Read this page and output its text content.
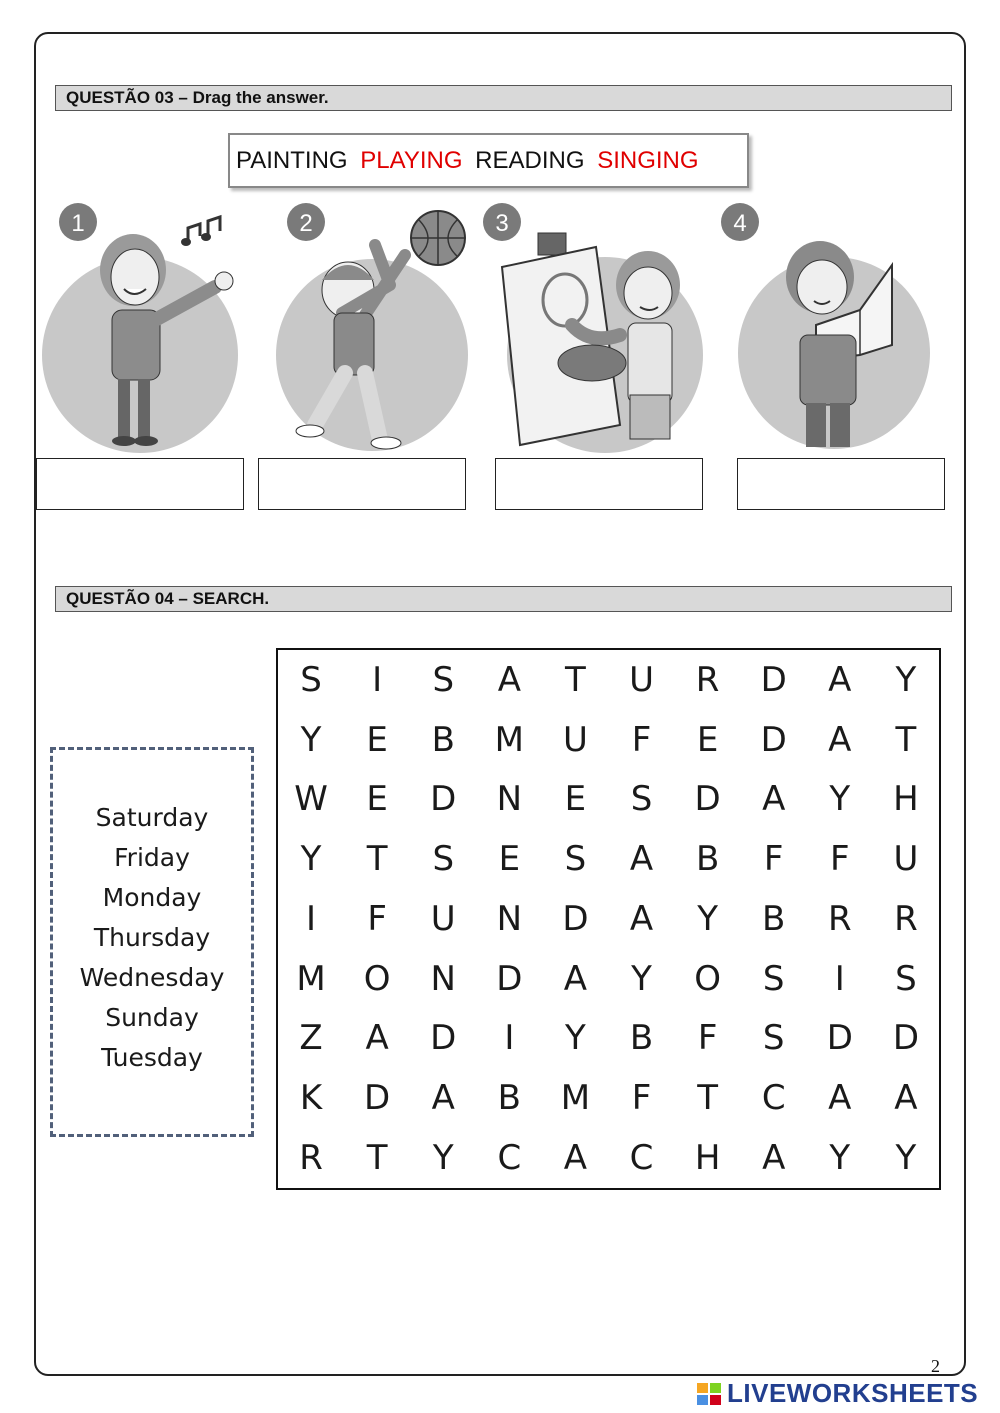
QUESTÃO 03 – Drag the answer.
PAINTING PLAYING READING SINGING
1	2	3	4
QUESTÃO 04 – SEARCH.
Saturday
Friday
Monday
Thursday
Wednesday
Sunday
Tuesday
S	I	S	A	T	U	R	D	A	Y
Y	E	B	M	U	F	E	D	A	T
W	E	D	N	E	S	D	A	Y	H
Y	T	S	E	S	A	B	F	F	U
I	F	U	N	D	A	Y	B	R	R
M	O	N	D	A	Y	O	S	I	S
Z	A	D	I	Y	B	F	S	D	D
K	D	A	B	M	F	T	C	A	A
R	T	Y	C	A	C	H	A	Y	Y
2
LIVEWORKSHEETS
